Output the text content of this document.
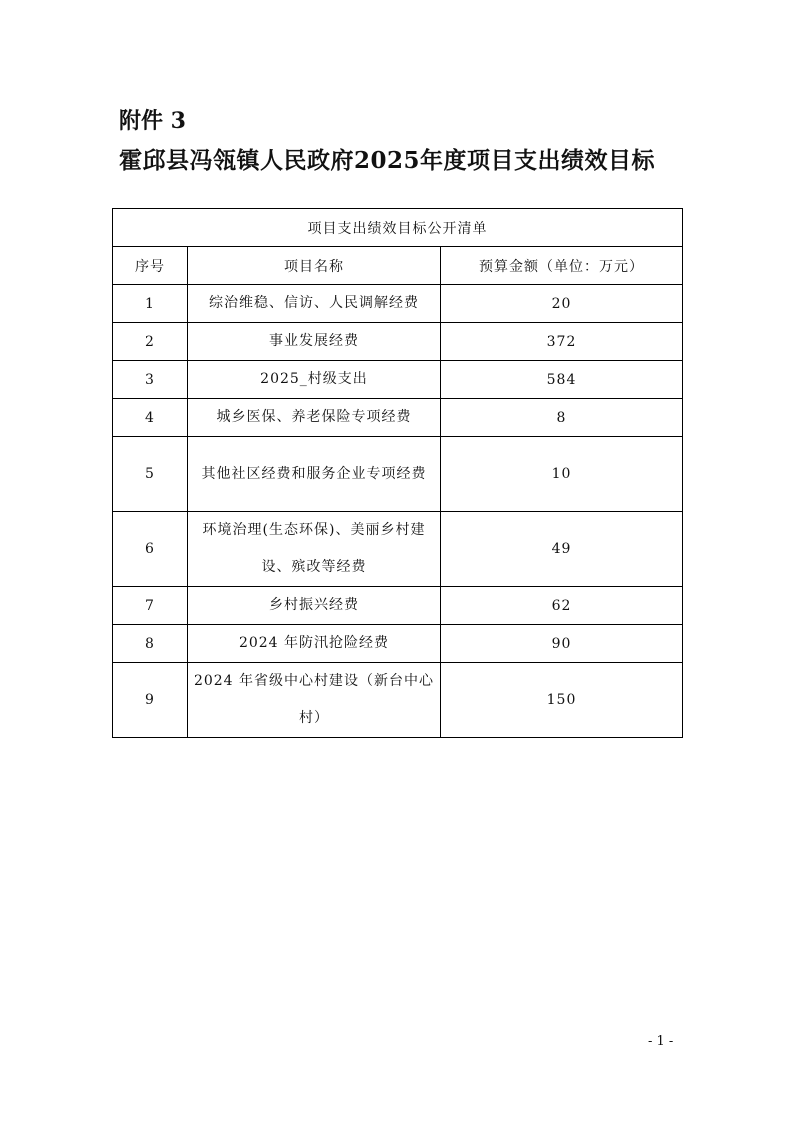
附件 3
霍邱县冯瓴镇人民政府2025年度项目支出绩效目标
项目支出绩效目标公开清单		
序号	项目名称	预算金额（单位：万元）
1	综治维稳、信访、人民调解经费	20
2	事业发展经费	372
3	2025_村级支出	584
4	城乡医保、养老保险专项经费	8
5	其他社区经费和服务企业专项经费	10
6	环境治理(生态环保)、美丽乡村建设、殡改等经费	49
7	乡村振兴经费	62
8	2024 年防汛抢险经费	90
9	2024 年省级中心村建设（新台中心村）	150
- 1 -
